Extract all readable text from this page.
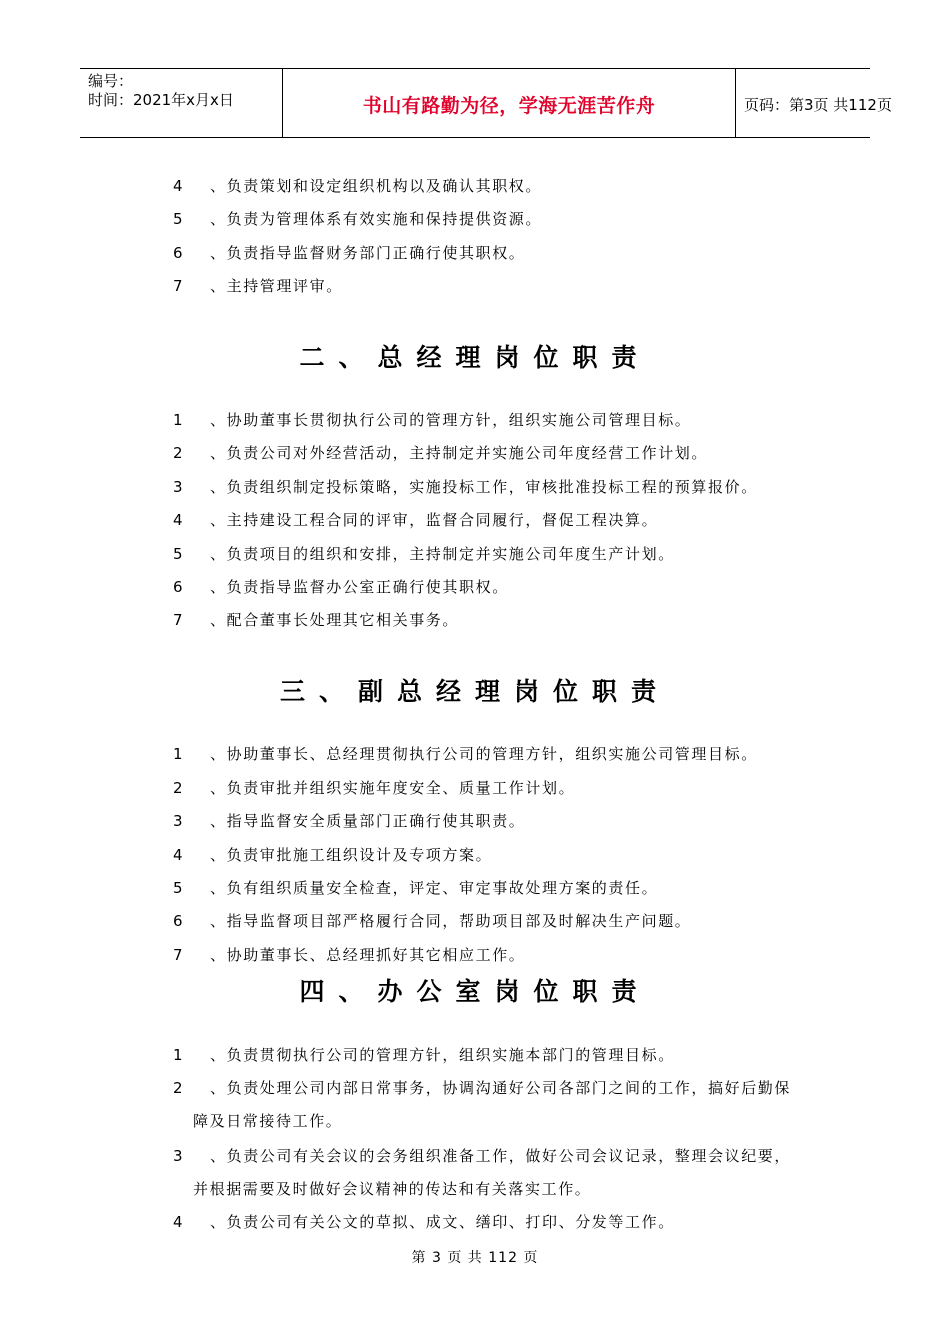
编号：
时间：2021年x月x日	书山有路勤为径，学海无涯苦作舟	页码：第3页 共112页
4 、负责策划和设定组织机构以及确认其职权。
5 、负责为管理体系有效实施和保持提供资源。
6 、负责指导监督财务部门正确行使其职权。
7 、主持管理评审。
二、总经理岗位职责
1 、协助董事长贯彻执行公司的管理方针，组织实施公司管理目标。
2 、负责公司对外经营活动，主持制定并实施公司年度经营工作计划。
3 、负责组织制定投标策略，实施投标工作，审核批准投标工程的预算报价。
4 、主持建设工程合同的评审，监督合同履行，督促工程决算。
5 、负责项目的组织和安排，主持制定并实施公司年度生产计划。
6 、负责指导监督办公室正确行使其职权。
7 、配合董事长处理其它相关事务。
三、副总经理岗位职责
1 、协助董事长、总经理贯彻执行公司的管理方针，组织实施公司管理目标。
2 、负责审批并组织实施年度安全、质量工作计划。
3 、指导监督安全质量部门正确行使其职责。
4 、负责审批施工组织设计及专项方案。
5 、负有组织质量安全检查，评定、审定事故处理方案的责任。
6 、指导监督项目部严格履行合同，帮助项目部及时解决生产问题。
7 、协助董事长、总经理抓好其它相应工作。
四、办公室岗位职责
1 、负责贯彻执行公司的管理方针，组织实施本部门的管理目标。
2 、负责处理公司内部日常事务，协调沟通好公司各部门之间的工作，搞好后勤保
障及日常接待工作。
3 、负责公司有关会议的会务组织准备工作，做好公司会议记录，整理会议纪要，
并根据需要及时做好会议精神的传达和有关落实工作。
4 、负责公司有关公文的草拟、成文、缮印、打印、分发等工作。
第 3 页 共 112 页
